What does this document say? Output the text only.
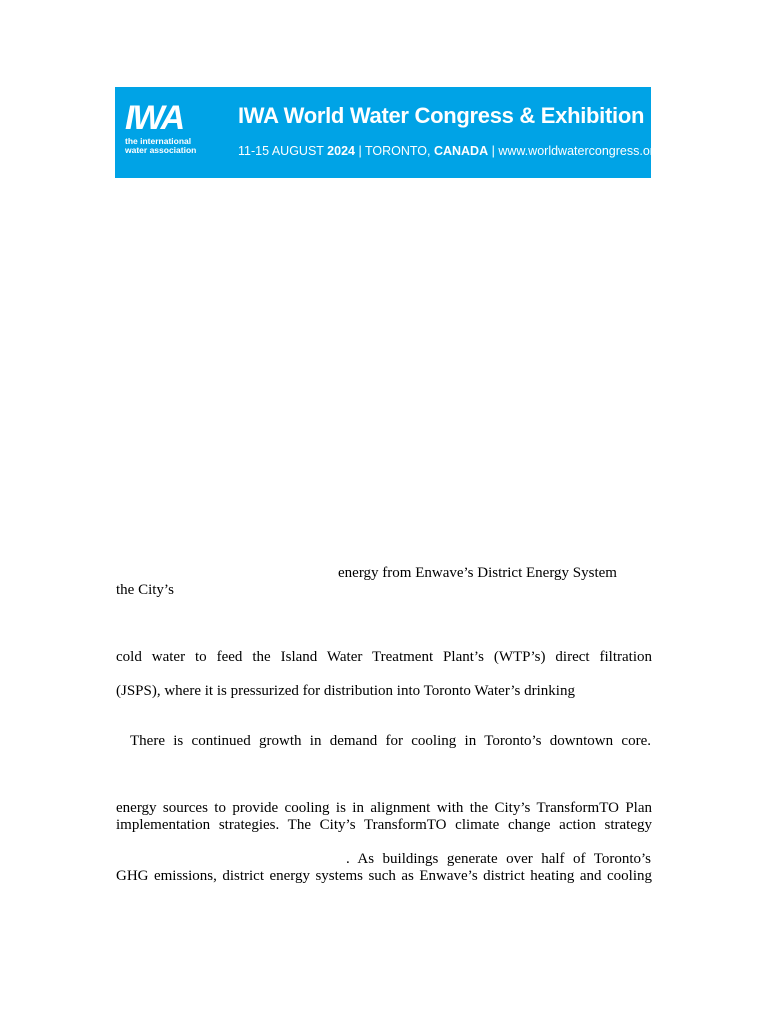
IWA
the international
water association
IWA World Water Congress & Exhibition
11-15 AUGUST 2024 | TORONTO, CANADA | www.worldwatercongress.org
energy from Enwave’s District Energy System
the City’s
cold water to feed the Island Water Treatment Plant’s (WTP’s) direct filtration
(JSPS), where it is pressurized for distribution into Toronto Water’s drinking
There is continued growth in demand for cooling in Toronto’s downtown core.
energy sources to provide cooling is in alignment with the City’s TransformTO Plan
implementation strategies. The City’s TransformTO climate change action strategy
. As buildings generate over half of Toronto’s
GHG emissions, district energy systems such as Enwave’s district heating and cooling
